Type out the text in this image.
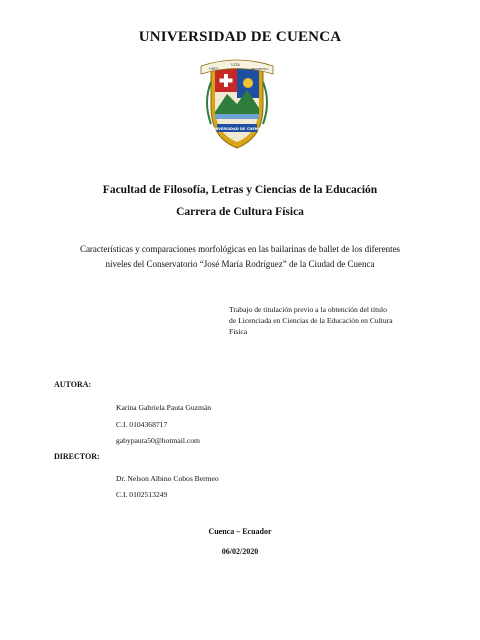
UNIVERSIDAD DE CUENCA
FIDES
VITA
PRUDENTIA
UNIVERSIDAD DE CUENCA
Facultad de Filosofía, Letras y Ciencias de la Educación
Carrera de Cultura Física
Características y comparaciones morfológicas en las bailarinas de ballet de los diferentes
niveles del Conservatorio “José María Rodríguez” de la Ciudad de Cuenca
Trabajo de titulación previo a la obtención del título
de Licenciada en Ciencias de la Educación en Cultura
Física
AUTORA:
Karina Gabriela Pauta Guzmán
C.I. 0104368717
gabypauta50@hotmail.com
DIRECTOR:
Dr. Nelson Albino Cobos Bermeo
C.I. 0102513249
Cuenca – Ecuador
06/02/2020
